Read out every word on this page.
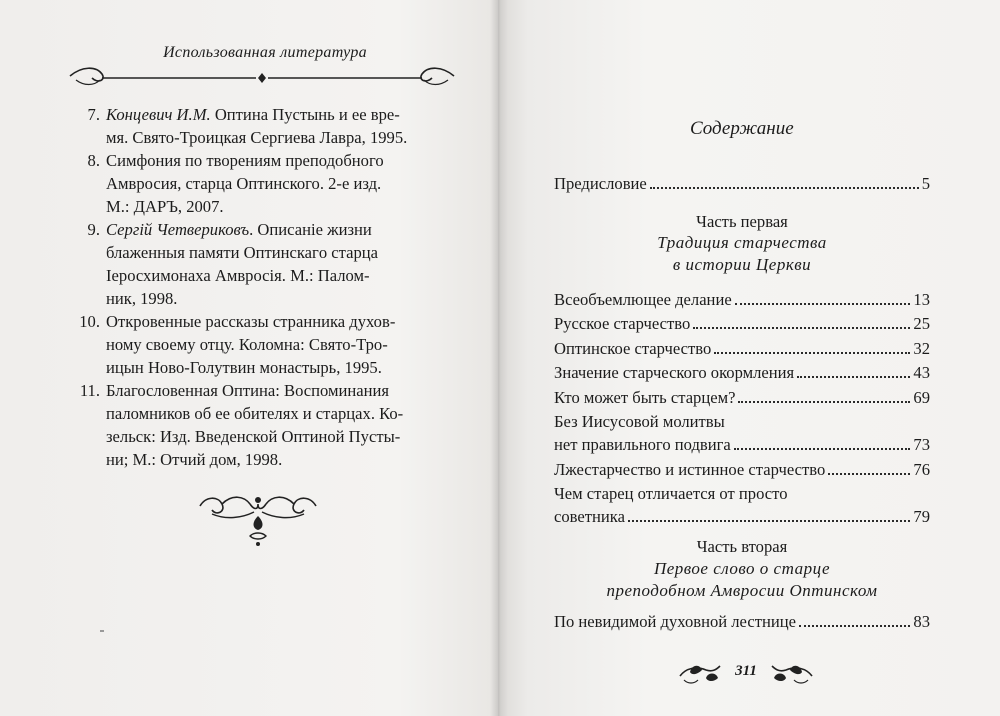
Использованная литература
7. Концевич И.М. Оптина Пустынь и ее вре-
мя. Свято-Троицкая Сергиева Лавра, 1995.
8. Симфония по творениям преподобного
Амвросия, старца Оптинского. 2-е изд.
М.: ДАРЪ, 2007.
9. Сергій Четвериковъ. Описаніе жизни
блаженныя памяти Оптинскагo старца
Іеросхимонаха Амвросія. М.: Палом-
ник, 1998.
10. Откровенные рассказы странника духов-
ному своему отцу. Коломна: Свято-Тро-
ицын Ново-Голутвин монастырь, 1995.
11. Благословенная Оптина: Воспоминания
паломников об ее обителях и старцах. Ко-
зельск: Изд. Введенской Оптиной Пусты-
ни; М.: Отчий дом, 1998.
Содержание
Предисловие	5
Часть первая
Традиция старчества
в истории Церкви
Всеобъемлющее делание	13
Русское старчество	25
Оптинское старчество	32
Значение старческого окормления	43
Кто может быть старцем?	69
Без Иисусовой молитвы
нет правильного подвига	73
Лжестарчество и истинное старчество	76
Чем старец отличается от просто
советника	79
Часть вторая
Первое слово о старце
преподобном Амвросии Оптинском
По невидимой духовной лестнице	83
311
